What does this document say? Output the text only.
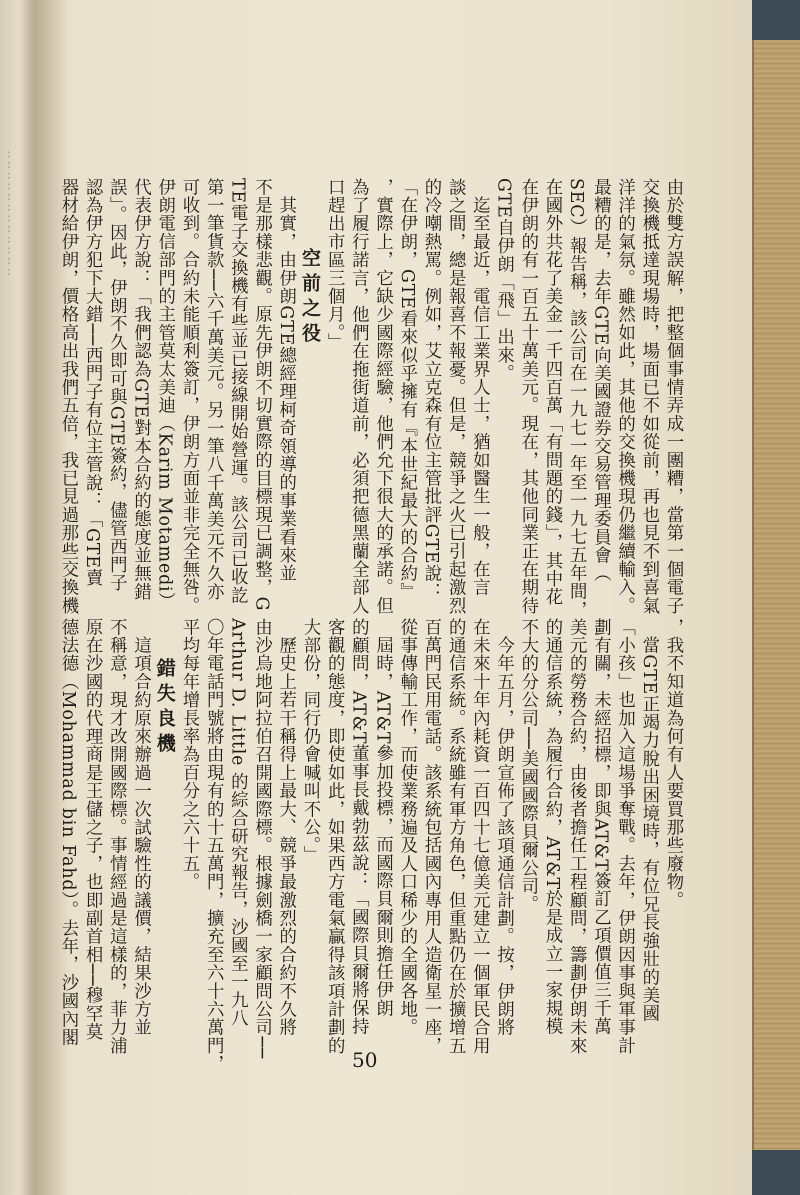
‥‥‥‥‥‥‥‥‥‥‥‥	由於雙方誤解，把整個事情弄成一團糟，當第一個電子
交換機抵達現場時，場面已不如從前，再也見不到喜氣
洋洋的氣氛。雖然如此，其他的交換機現仍繼續輸入。
最糟的是，去年GTE向美國證券交易管理委員會（
SEC）報告稱，該公司在一九七一年至一九七五年間，
在國外共花了美金一千四百萬「有問題的錢」，其中花
在伊朗的有一百五十萬美元。現在，其他同業正在期待
GTE自伊朗「飛」出來。
　迄至最近，電信工業界人士，猶如醫生一般，在言
談之間，總是報喜不報憂。但是，競爭之火已引起激烈
的冷嘲熱罵。例如，艾立克森有位主管批評GTE說：
「在伊朗，GTE看來似乎擁有『本世紀最大的合約』
，實際上，它缺少國際經驗，他們允下很大的承諾。但
為了履行諾言，他們在拖街道前，必須把德黑蘭全部人
口趕出市區三個月。」
空前之役
　其實，由伊朗GTE總經理柯奇領導的事業看來並
不是那樣悲觀。原先伊朗不切實際的目標現已調整，G
TE電子交換機有些並已接線開始營運。該公司已收訖
第一筆貨款──六千萬美元。另一筆八千萬美元不久亦
可收到。合約未能順利簽訂，伊朗方面並非完全無咎。
伊朗電信部門的主管莫太美迪（Karim Motamedi）
代表伊方說：「我們認為GTE對本合約的態度並無錯
誤」。因此，伊朗不久即可與GTE簽約，儘管西門子
認為伊方犯下大錯──西門子有位主管說：「GTE賣
器材給伊朗，價格高出我們五倍，我已見過那些交換機
，我不知道為何有人要買那些廢物。
　當GTE正竭力脫出困境時，有位兄長強壯的美國
「小孩」也加入這場爭奪戰。去年，伊朗因事與軍事計
劃有關，未經招標，即與AT&T簽訂乙項價值三千萬
美元的勞務合約，由後者擔任工程顧問，籌劃伊朗未來
的通信系統，為履行合約，AT&T於是成立一家規模
不大的分公司──美國國際貝爾公司。
　今年五月，伊朗宣佈了該項通信計劃。按，伊朗將
在未來十年內耗資一百四十七億美元建立一個軍民合用
的通信系統。系統雖有軍方角色，但重點仍在於擴增五
百萬門民用電話。該系統包括國內專用人造衛星一座，
從事傳輸工作，而使業務遍及人口稀少的全國各地。
　屆時，AT&T參加投標，而國際貝爾則擔任伊朗
的顧問，AT&T董事長戴勃茲說：「國際貝爾將保持
客觀的態度，即使如此，如果西方電氣贏得該項計劃的
大部份，同行仍會喊叫不公。」
　歷史上若干稱得上最大、競爭最激烈的合約不久將
由沙烏地阿拉伯召開國際標。根據劍橋一家顧問公司──
Arthur D. Little 的綜合研究報告，沙國至一九八
〇年電話門號將由現有的十五萬門，擴充至六十六萬門，
平均每年增長率為百分之六十五。
錯失良機
　這項合約原來辦過一次試驗性的議價，結果沙方並
不稱意，現才改開國際標。事情經過是這樣的，菲力浦
原在沙國的代理商是王儲之子，也即副首相──穆罕莫
德法德（Mohammad bin Fahd）。去年，沙國內閣
50
